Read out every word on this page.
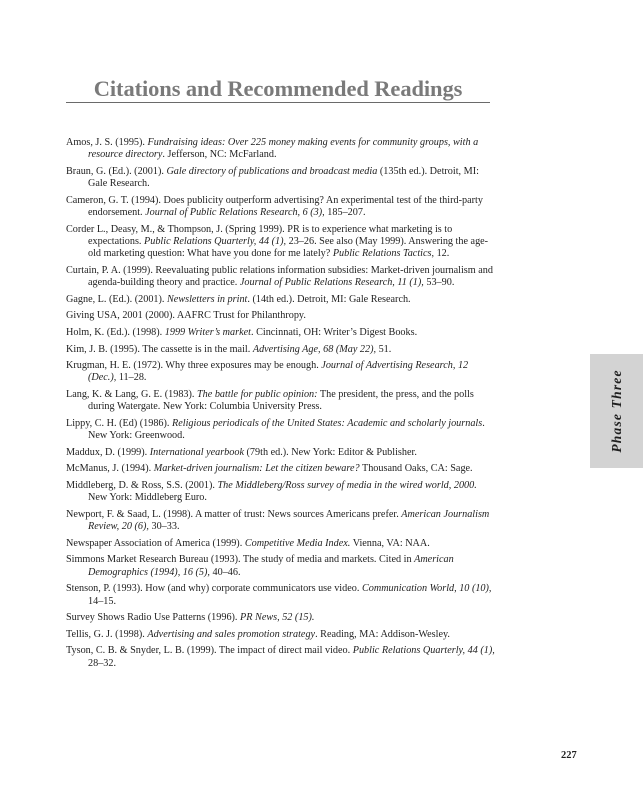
Citations and Recommended Readings
Amos, J. S. (1995). Fundraising ideas: Over 225 money making events for community groups, with a resource directory. Jefferson, NC: McFarland.
Braun, G. (Ed.). (2001). Gale directory of publications and broadcast media (135th ed.). Detroit, MI: Gale Research.
Cameron, G. T. (1994). Does publicity outperform advertising? An experimental test of the third-party endorsement. Journal of Public Relations Research, 6 (3), 185–207.
Corder L., Deasy, M., & Thompson, J. (Spring 1999). PR is to experience what marketing is to expectations. Public Relations Quarterly, 44 (1), 23–26. See also (May 1999). Answering the age-old marketing question: What have you done for me lately? Public Relations Tactics, 12.
Curtain, P. A. (1999). Reevaluating public relations information subsidies: Market-driven journalism and agenda-building theory and practice. Journal of Public Relations Research, 11 (1), 53–90.
Gagne, L. (Ed.). (2001). Newsletters in print. (14th ed.). Detroit, MI: Gale Research.
Giving USA, 2001 (2000). AAFRC Trust for Philanthropy.
Holm, K. (Ed.). (1998). 1999 Writer’s market. Cincinnati, OH: Writer’s Digest Books.
Kim, J. B. (1995). The cassette is in the mail. Advertising Age, 68 (May 22), 51.
Krugman, H. E. (1972). Why three exposures may be enough. Journal of Advertising Research, 12 (Dec.), 11–28.
Lang, K. & Lang, G. E. (1983). The battle for public opinion: The president, the press, and the polls during Watergate. New York: Columbia University Press.
Lippy, C. H. (Ed) (1986). Religious periodicals of the United States: Academic and scholarly journals. New York: Greenwood.
Maddux, D. (1999). International yearbook (79th ed.). New York: Editor & Publisher.
McManus, J. (1994). Market-driven journalism: Let the citizen beware? Thousand Oaks, CA: Sage.
Middleberg, D. & Ross, S.S. (2001). The Middleberg/Ross survey of media in the wired world, 2000. New York: Middleberg Euro.
Newport, F. & Saad, L. (1998). A matter of trust: News sources Americans prefer. American Journalism Review, 20 (6), 30–33.
Newspaper Association of America (1999). Competitive Media Index. Vienna, VA: NAA.
Simmons Market Research Bureau (1993). The study of media and markets. Cited in American Demographics (1994), 16 (5), 40–46.
Stenson, P. (1993). How (and why) corporate communicators use video. Communication World, 10 (10), 14–15.
Survey Shows Radio Use Patterns (1996). PR News, 52 (15).
Tellis, G. J. (1998). Advertising and sales promotion strategy. Reading, MA: Addison-Wesley.
Tyson, C. B. & Snyder, L. B. (1999). The impact of direct mail video. Public Relations Quarterly, 44 (1), 28–32.
Phase Three
227
